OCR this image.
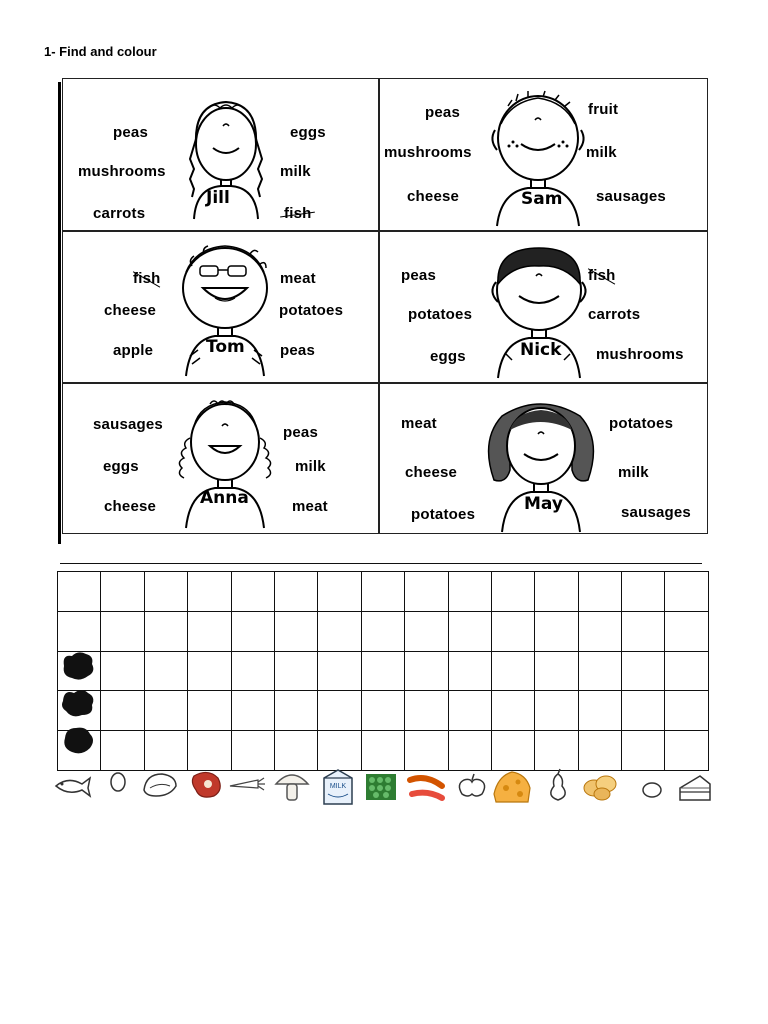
1- Find and colour
Jill
peas
mushrooms
carrots
eggs
milk
fish
Sam
peas
mushrooms
cheese
fruit
milk
sausages
Tom
fish
cheese
apple
meat
potatoes
peas	Nick
peas
potatoes
eggs
fish
carrots
mushrooms
Anna
sausages
eggs
cheese
peas
milk
meat	May
meat
cheese
potatoes
potatoes
milk
sausages

MILK
